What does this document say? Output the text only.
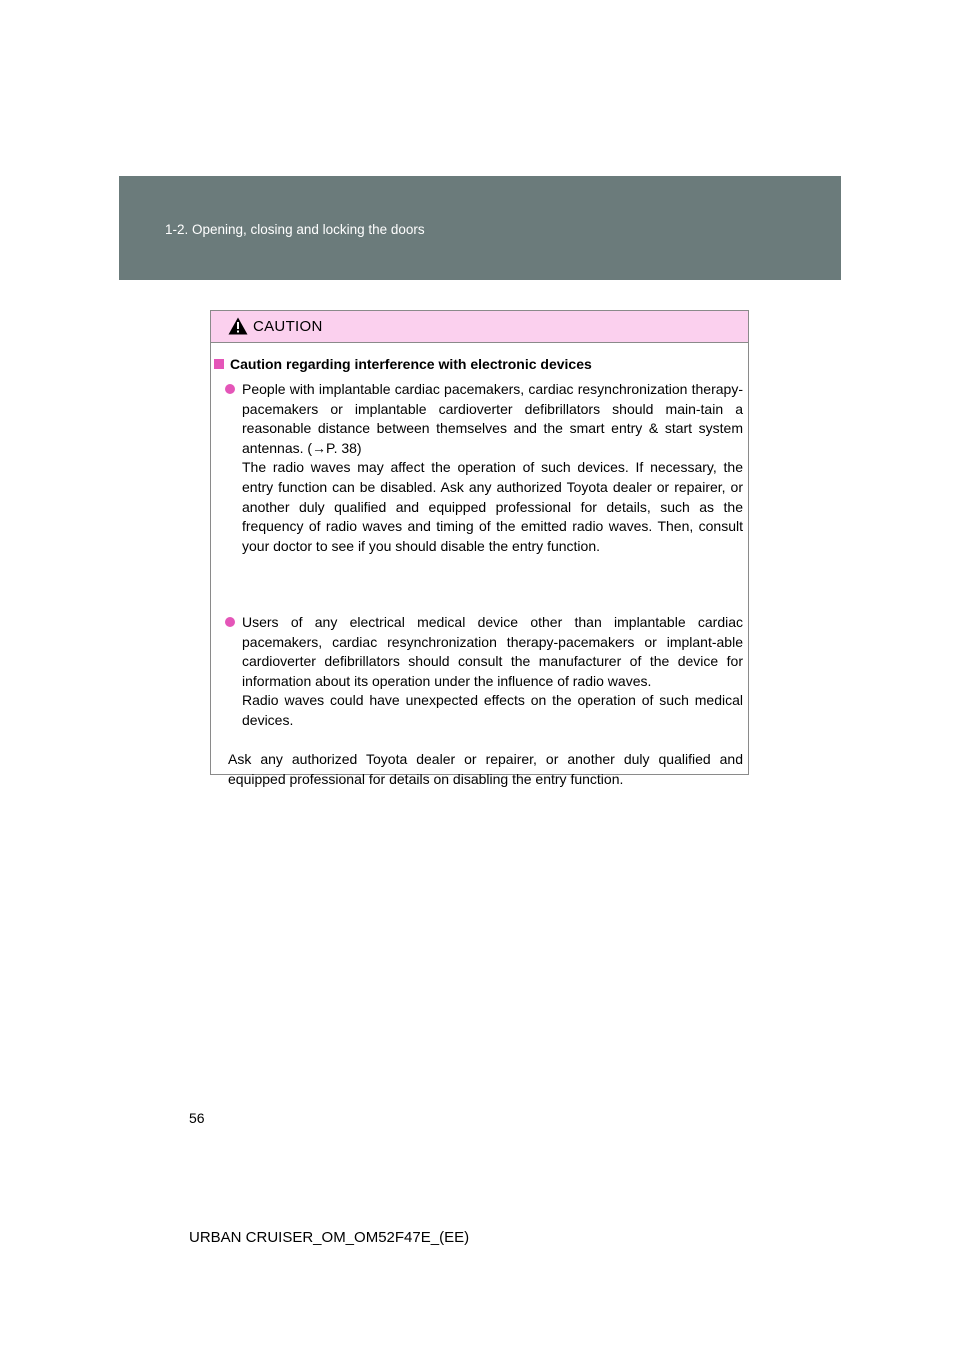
1-2. Opening, closing and locking the doors
CAUTION
Caution regarding interference with electronic devices

People with implantable cardiac pacemakers, cardiac resynchronization therapy-pacemakers or implantable cardioverter defibrillators should main-tain a reasonable distance between themselves and the smart entry & start system antennas. (→P. 38)

The radio waves may affect the operation of such devices. If necessary, the entry function can be disabled. Ask any authorized Toyota dealer or repairer, or another duly qualified and equipped professional for details, such as the frequency of radio waves and timing of the emitted radio waves. Then, consult your doctor to see if you should disable the entry function.

Users of any electrical medical device other than implantable cardiac pacemakers, cardiac resynchronization therapy-pacemakers or implant-able cardioverter defibrillators should consult the manufacturer of the device for information about its operation under the influence of radio waves.

Radio waves could have unexpected effects on the operation of such medical devices.

Ask any authorized Toyota dealer or repairer, or another duly qualified and equipped professional for details on disabling the entry function.

56
URBAN CRUISER_OM_OM52F47E_(EE)
